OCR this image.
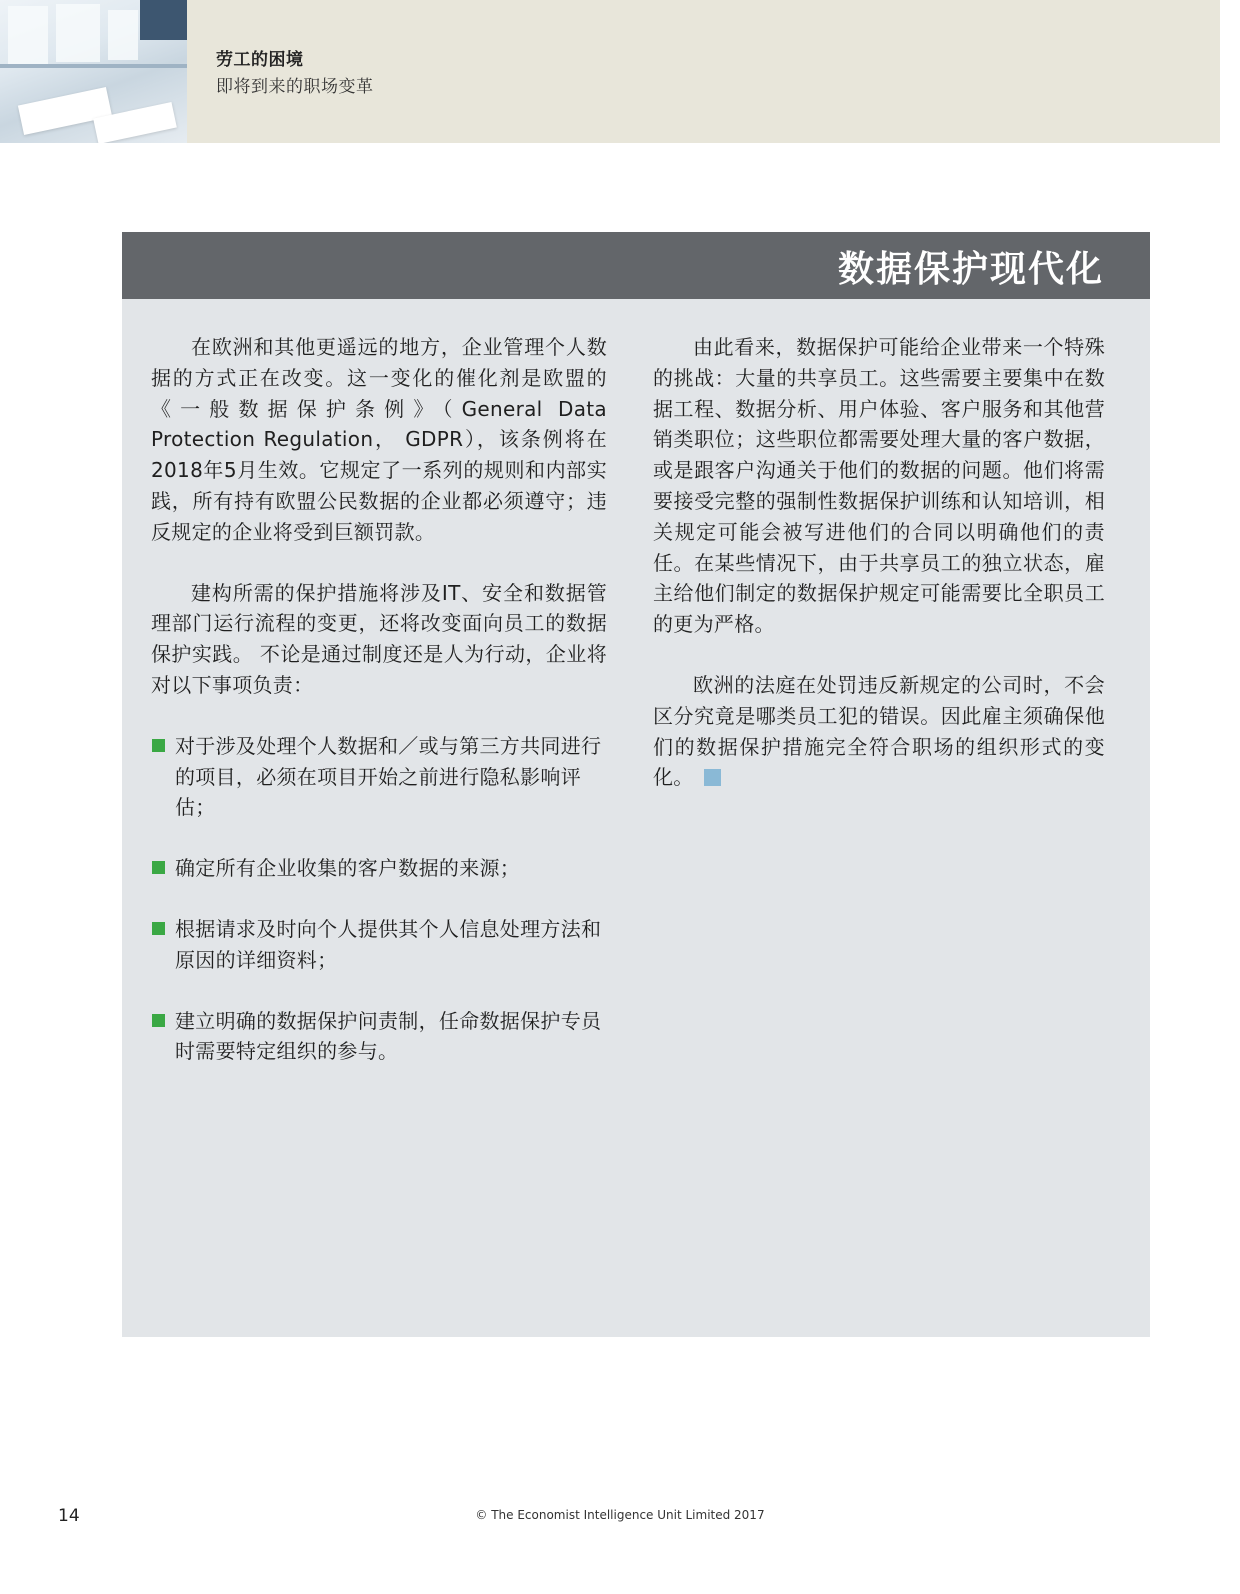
劳工的困境
即将到来的职场变革
数据保护现代化

在欧洲和其他更遥远的地方，企业管理个人数据的方式正在改变。这一变化的催化剂是欧盟的《一般数据保护条例》（General Data Protection Regulation， GDPR），该条例将在2018年5月生效。它规定了一系列的规则和内部实践，所有持有欧盟公民数据的企业都必须遵守；违反规定的企业将受到巨额罚款。

建构所需的保护措施将涉及IT、安全和数据管理部门运行流程的变更，还将改变面向员工的数据保护实践。 不论是通过制度还是人为行动，企业将对以下事项负责：

对于涉及处理个人数据和／或与第三方共同进行的项目，必须在项目开始之前进行隐私影响评估；
确定所有企业收集的客户数据的来源；
根据请求及时向个人提供其个人信息处理方法和原因的详细资料；
建立明确的数据保护问责制，任命数据保护专员时需要特定组织的参与。

由此看来，数据保护可能给企业带来一个特殊的挑战：大量的共享员工。这些需要主要集中在数据工程、数据分析、用户体验、客户服务和其他营销类职位；这些职位都需要处理大量的客户数据，或是跟客户沟通关于他们的数据的问题。他们将需要接受完整的强制性数据保护训练和认知培训，相关规定可能会被写进他们的合同以明确他们的责任。在某些情况下，由于共享员工的独立状态，雇主给他们制定的数据保护规定可能需要比全职员工的更为严格。

欧洲的法庭在处罚违反新规定的公司时，不会区分究竟是哪类员工犯的错误。因此雇主须确保他们的数据保护措施完全符合职场的组织形式的变化。

14	© The Economist Intelligence Unit Limited 2017
